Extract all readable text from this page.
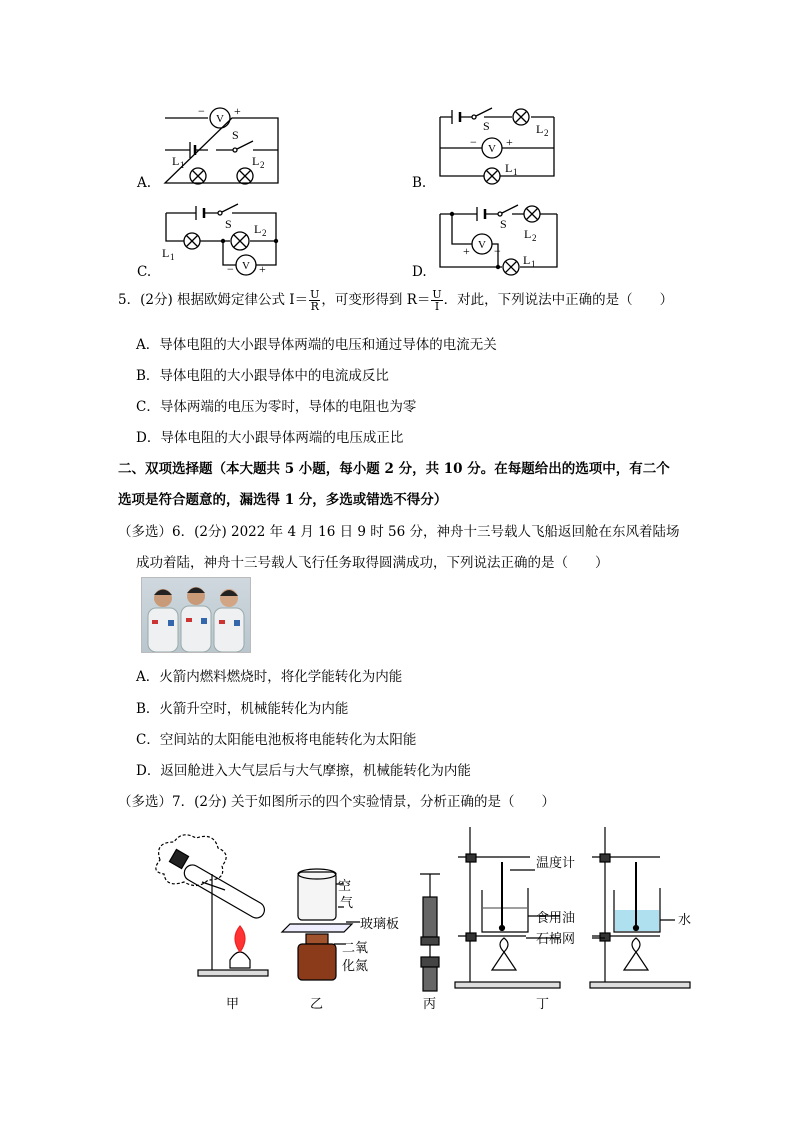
A.
V
− +
S
L 1	L 2
B.
V
− +
S	L 2
L 1
C.	V
− +
S
L 1
L 2
D.
V
+ −
S
L 2
L 1
5．(2分) 根据欧姆定律公式 $I= \frac{U}{R}$ ，可变形得到 $R= \frac{U}{I}$ ．对此，下列说法中正确的是（　　）
A．导体电阻的大小跟导体两端的电压和通过导体的电流无关
B．导体电阻的大小跟导体中的电流成反比
C．导体两端的电压为零时，导体的电阻也为零
D．导体电阻的大小跟导体两端的电压成正比
二、双项选择题（本大题共 5 小题，每小题 2 分，共 10 分。在每题给出的选项中，有二个
选项是符合题意的，漏选得 1 分，多选或错选不得分）
（多选）6．(2分) 2022 年 4 月 16 日 9 时 56 分，神舟十三号载人飞船返回舱在东风着陆场
成功着陆，神舟十三号载人飞行任务取得圆满成功，下列说法正确的是（　　）
A．火箭内燃料燃烧时，将化学能转化为内能
B．火箭升空时，机械能转化为内能
C．空间站的太阳能电池板将电能转化为太阳能
D．返回舱进入大气层后与大气摩擦，机械能转化为内能
（多选）7．(2分) 关于如图所示的四个实验情景，分析正确的是（　　）
空
气
玻璃板
二氧
化氮
温度计
食用油
石棉网
水
甲	乙	丙	丁
